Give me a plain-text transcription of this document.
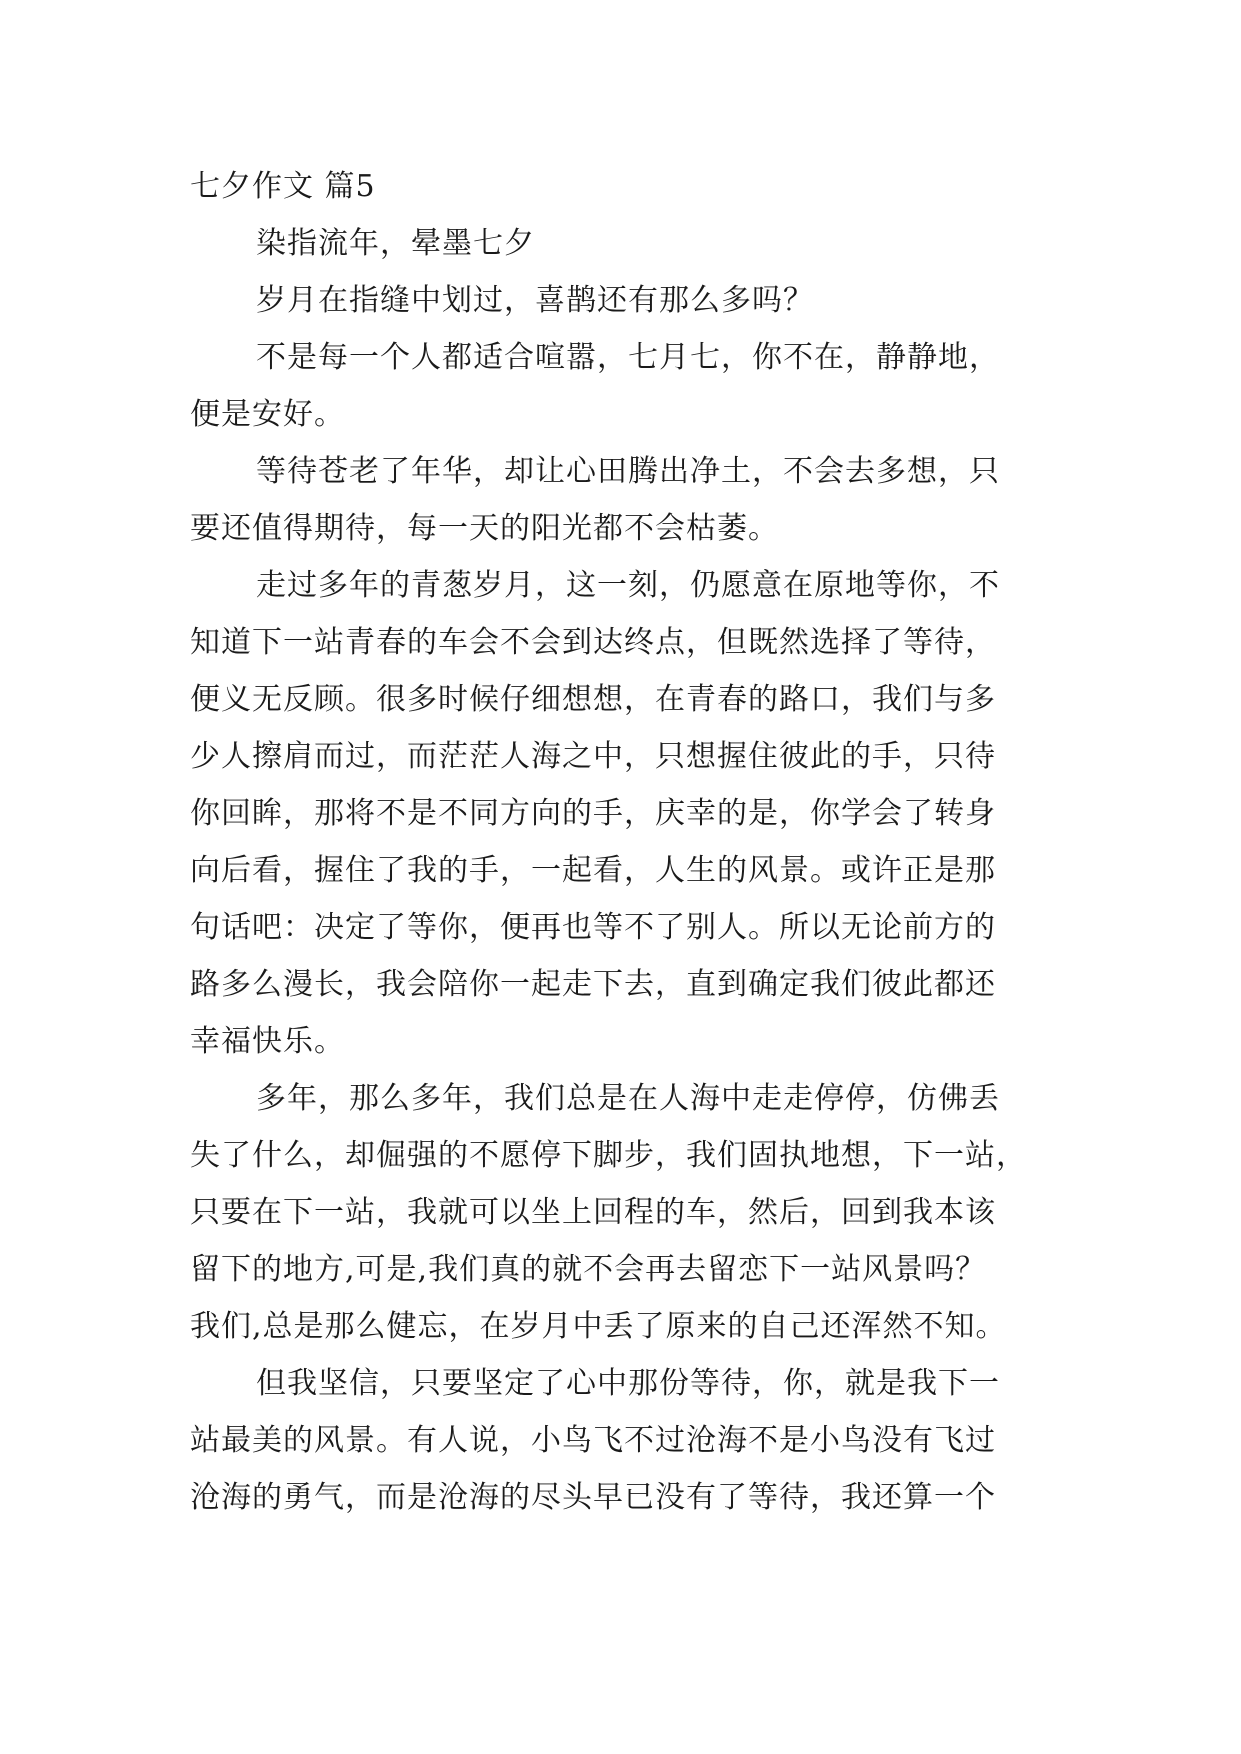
七夕作文 篇5
染指流年，晕墨七夕
岁月在指缝中划过，喜鹊还有那么多吗？
不是每一个人都适合喧嚣，七月七，你不在，静静地，
便是安好。
等待苍老了年华，却让心田腾出净土，不会去多想，只
要还值得期待，每一天的阳光都不会枯萎。
走过多年的青葱岁月，这一刻，仍愿意在原地等你，不
知道下一站青春的车会不会到达终点，但既然选择了等待，
便义无反顾。很多时候仔细想想，在青春的路口，我们与多
少人擦肩而过，而茫茫人海之中，只想握住彼此的手，只待
你回眸，那将不是不同方向的手，庆幸的是，你学会了转身
向后看，握住了我的手，一起看，人生的风景。或许正是那
句话吧：决定了等你，便再也等不了别人。所以无论前方的
路多么漫长，我会陪你一起走下去，直到确定我们彼此都还
幸福快乐。
多年，那么多年，我们总是在人海中走走停停，仿佛丢
失了什么，却倔强的不愿停下脚步，我们固执地想，下一站，
只要在下一站，我就可以坐上回程的车，然后，回到我本该
留下的地方,可是,我们真的就不会再去留恋下一站风景吗？
我们,总是那么健忘，在岁月中丢了原来的自己还浑然不知。
但我坚信，只要坚定了心中那份等待，你，就是我下一
站最美的风景。有人说，小鸟飞不过沧海不是小鸟没有飞过
沧海的勇气，而是沧海的尽头早已没有了等待，我还算一个
